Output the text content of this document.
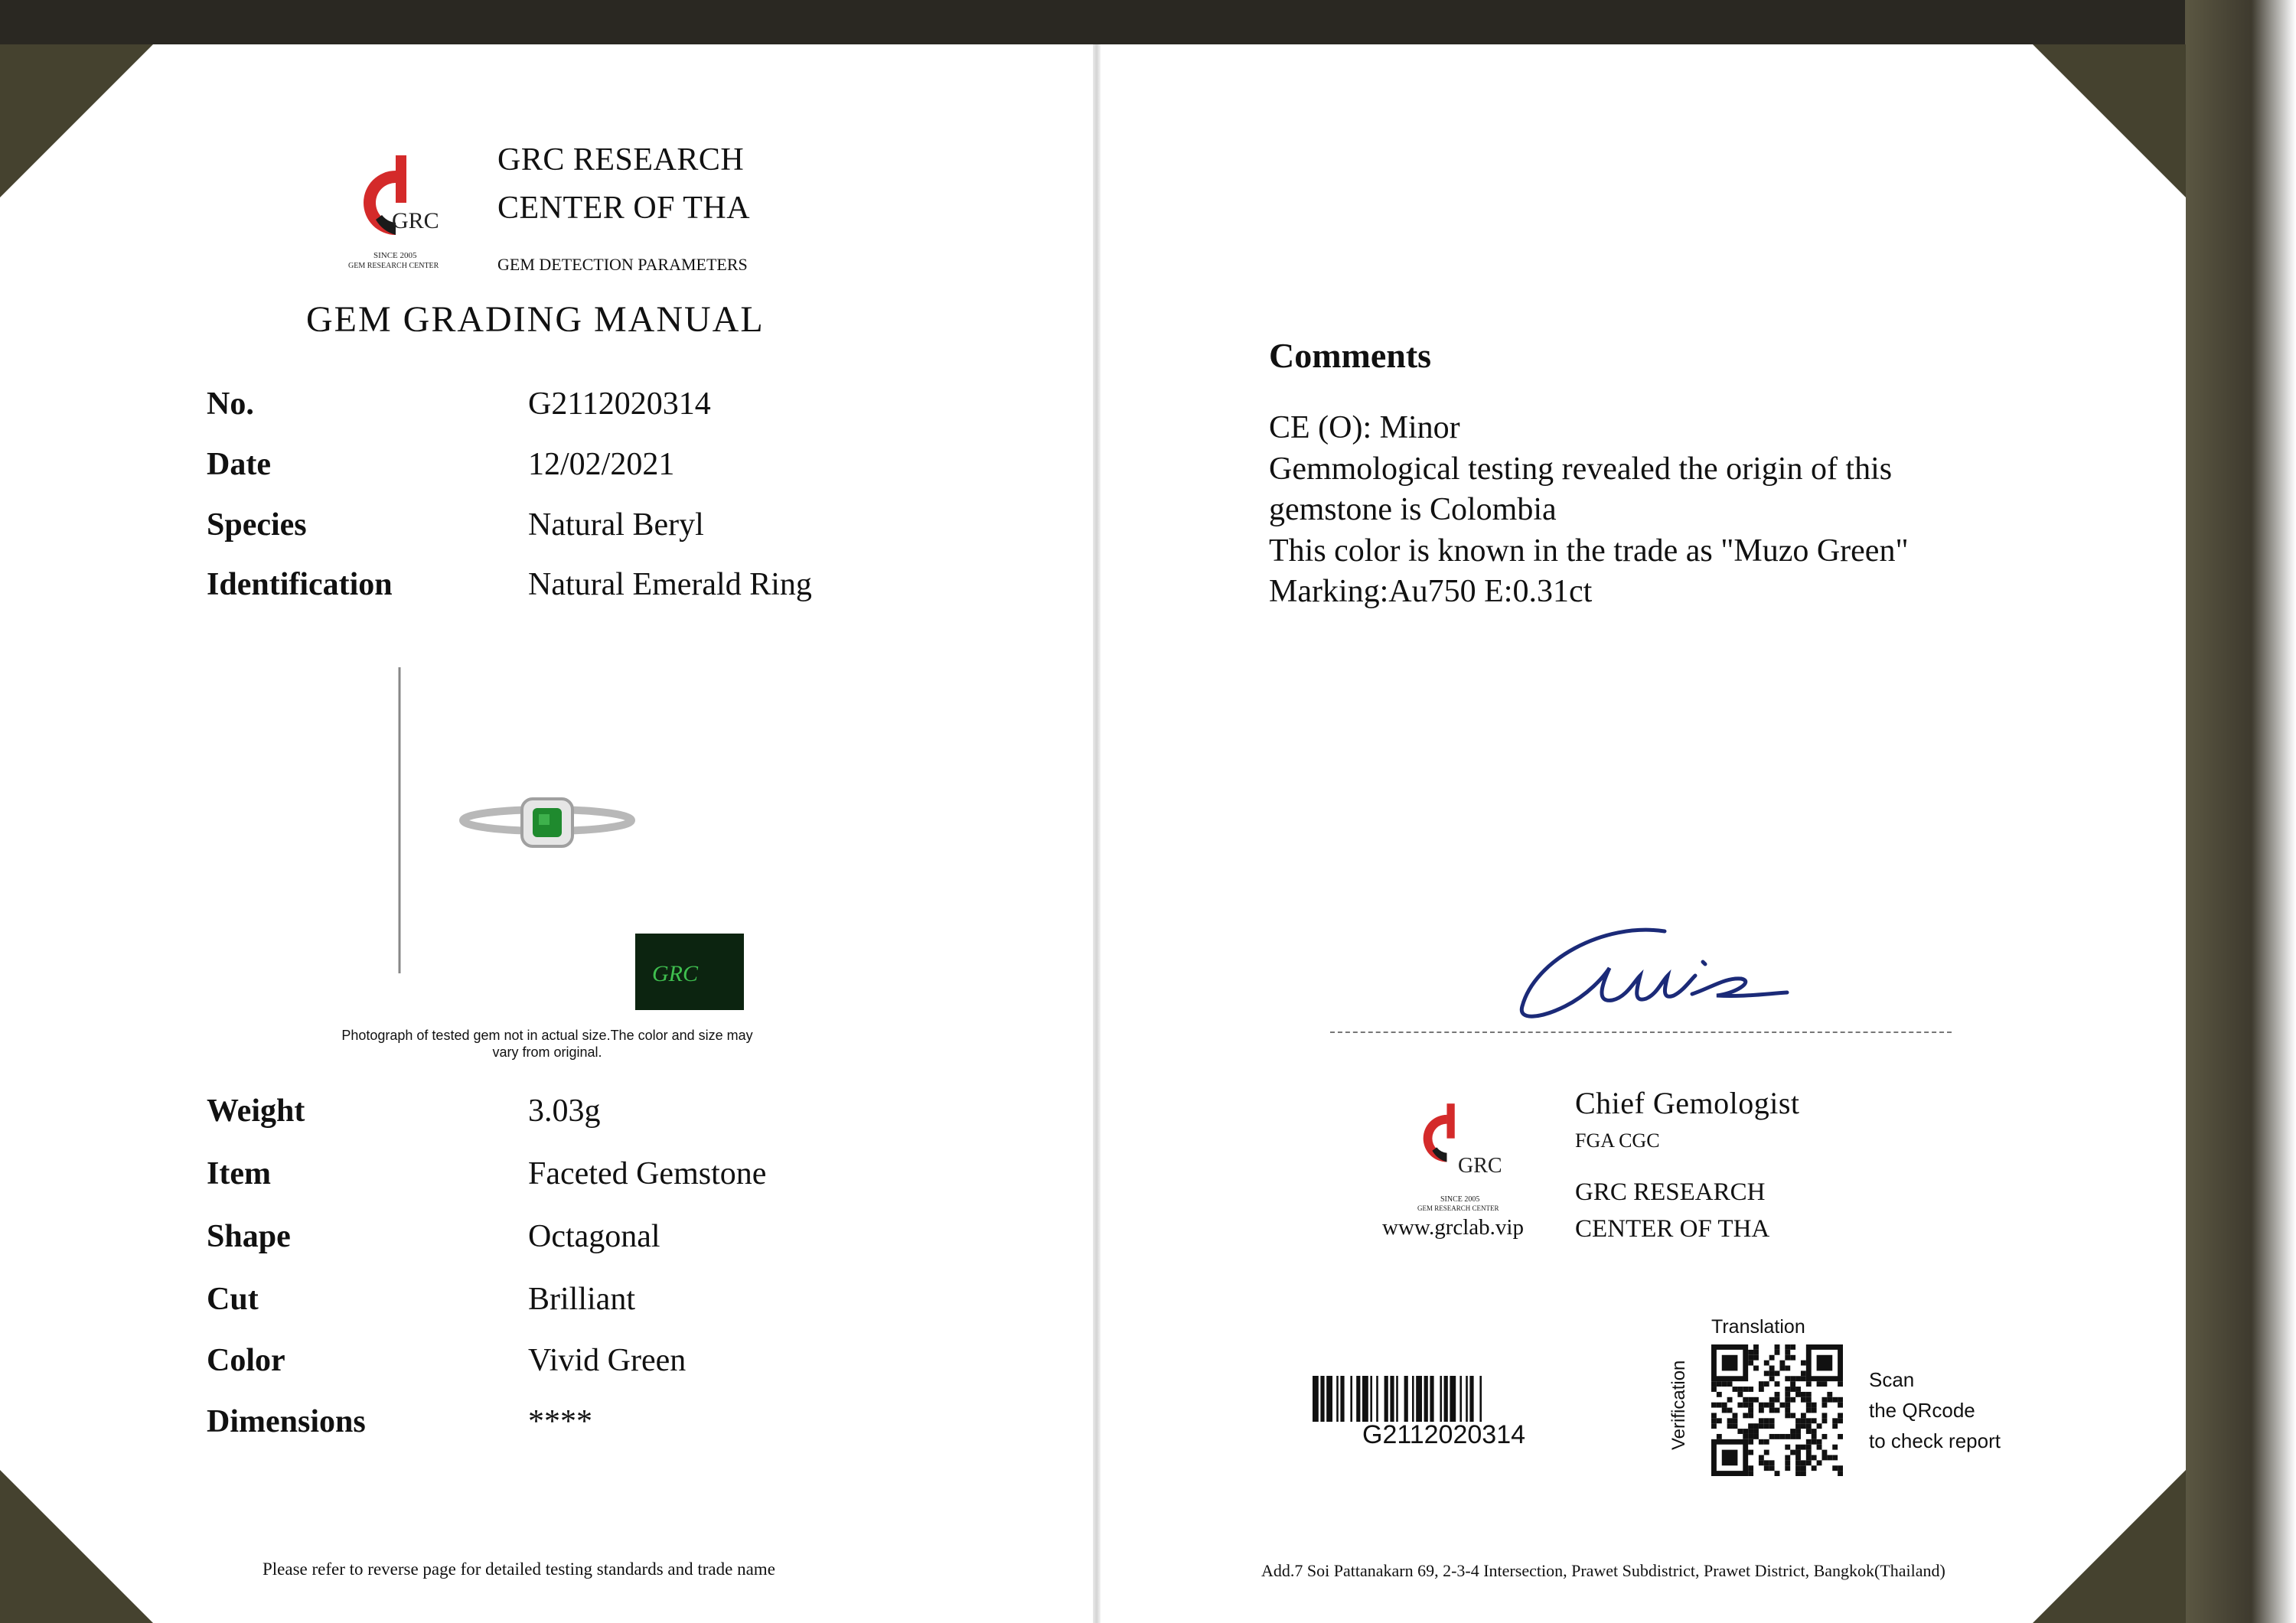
GRC
SINCE 2005
GEM RESEARCH CENTER
GRC RESEARCH
CENTER OF THA
GEM DETECTION PARAMETERS
GEM GRADING MANUAL
No.	G2112020314
Date	12/02/2021
Species	Natural Beryl
Identification	Natural Emerald Ring
GRC
Photograph of tested gem not in actual size.The color and size may vary from original.
Weight	3.03g
Item	Faceted Gemstone
Shape	Octagonal
Cut	Brilliant
Color	Vivid Green
Dimensions	****
Please refer to reverse page for detailed testing standards and trade name
Comments
CE (O): Minor
Gemmological testing revealed the origin of this
gemstone is Colombia
This color is known in the trade as "Muzo Green"
Marking:Au750 E:0.31ct
GRC
SINCE 2005
GEM RESEARCH CENTER
www.grclab.vip
Chief Gemologist
FGA CGC
GRC RESEARCH
CENTER OF THA
G2112020314
Translation
Verification	Scan
the QRcode
to check report
Add.7 Soi Pattanakarn 69, 2-3-4 Intersection, Prawet Subdistrict, Prawet District, Bangkok(Thailand)
